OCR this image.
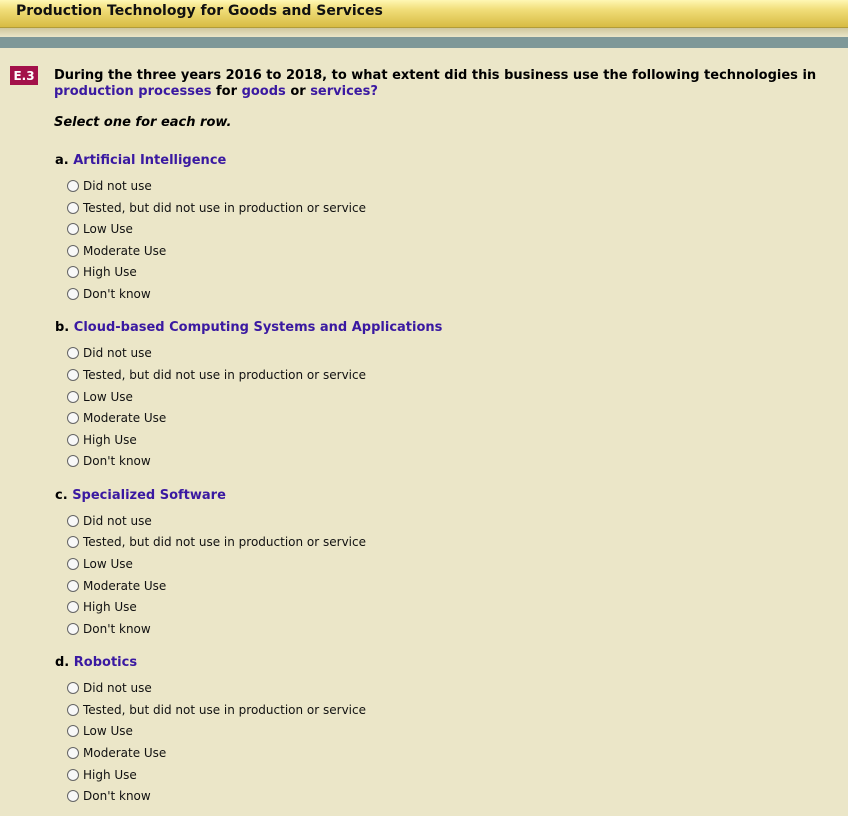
Production Technology for Goods and Services
E.3 During the three years 2016 to 2018, to what extent did this business use the following technologies in
production processes for goods or services?
Select one for each row.
a. Artificial Intelligence
Did not use
Tested, but did not use in production or service
Low Use
Moderate Use
High Use
Don't know
b. Cloud-based Computing Systems and Applications
Did not use
Tested, but did not use in production or service
Low Use
Moderate Use
High Use
Don't know
c. Specialized Software
Did not use
Tested, but did not use in production or service
Low Use
Moderate Use
High Use
Don't know
d. Robotics
Did not use
Tested, but did not use in production or service
Low Use
Moderate Use
High Use
Don't know
